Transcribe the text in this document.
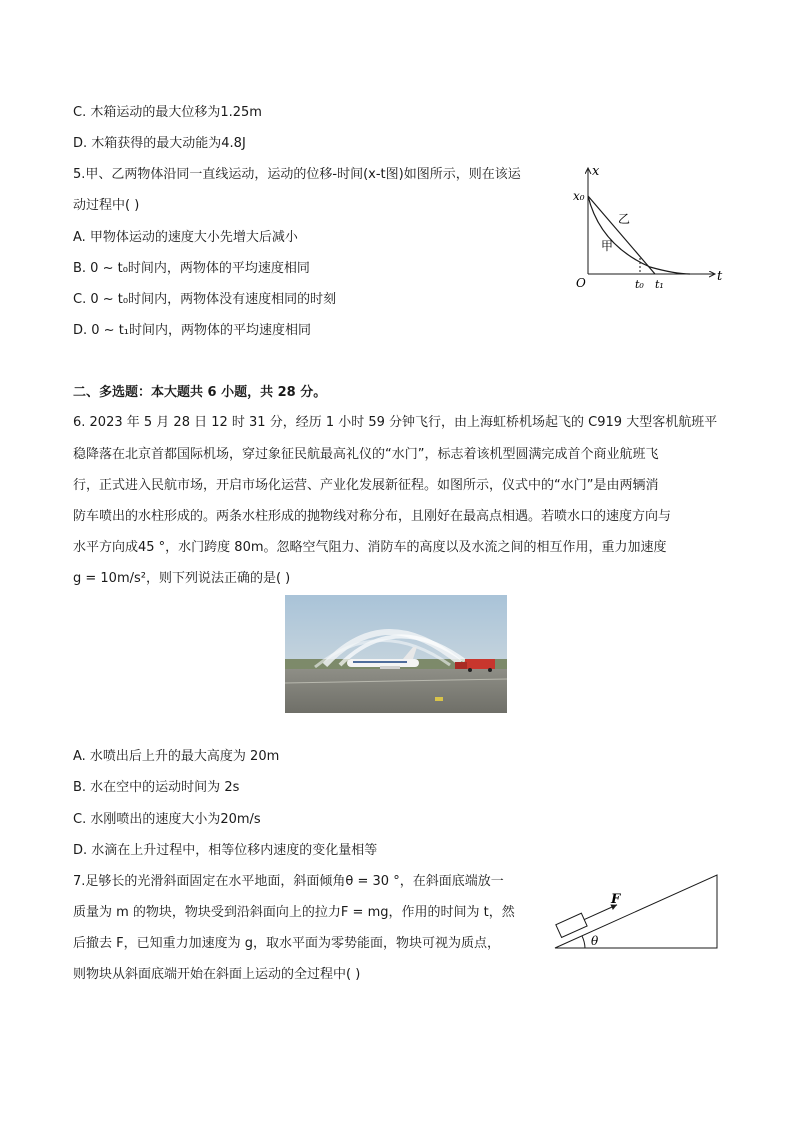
C. 木箱运动的最大位移为1.25m
D. 木箱获得的最大动能为4.8J
5.甲、乙两物体沿同一直线运动，运动的位移-时间(x-t图)如图所示，则在该运
动过程中( )
A. 甲物体运动的速度大小先增大后减小
B. 0 ~ t₀时间内，两物体的平均速度相同
C. 0 ~ t₀时间内，两物体没有速度相同的时刻
D. 0 ~ t₁时间内，两物体的平均速度相同
二、多选题：本大题共 6 小题，共 28 分。
6. 2023 年 5 月 28 日 12 时 31 分，经历 1 小时 59 分钟飞行，由上海虹桥机场起飞的 C919 大型客机航班平
稳降落在北京首都国际机场，穿过象征民航最高礼仪的“水门”，标志着该机型圆满完成首个商业航班飞
行，正式进入民航市场，开启市场化运营、产业化发展新征程。如图所示，仪式中的“水门”是由两辆消
防车喷出的水柱形成的。两条水柱形成的抛物线对称分布，且刚好在最高点相遇。若喷水口的速度方向与
水平方向成45 °，水门跨度 80m。忽略空气阻力、消防车的高度以及水流之间的相互作用，重力加速度
g = 10m/s²，则下列说法正确的是( )
A. 水喷出后上升的最大高度为 20m
B. 水在空中的运动时间为 2s
C. 水刚喷出的速度大小为20m/s
D. 水滴在上升过程中，相等位移内速度的变化量相等
7.足够长的光滑斜面固定在水平地面，斜面倾角θ = 30 °，在斜面底端放一
质量为 m 的物块，物块受到沿斜面向上的拉力F = mg，作用的时间为 t，然
后撤去 F，已知重力加速度为 g，取水平面为零势能面，物块可视为质点，
则物块从斜面底端开始在斜面上运动的全过程中( )
x
t
O
x₀
t₀ t₁
甲
乙
F
θ
